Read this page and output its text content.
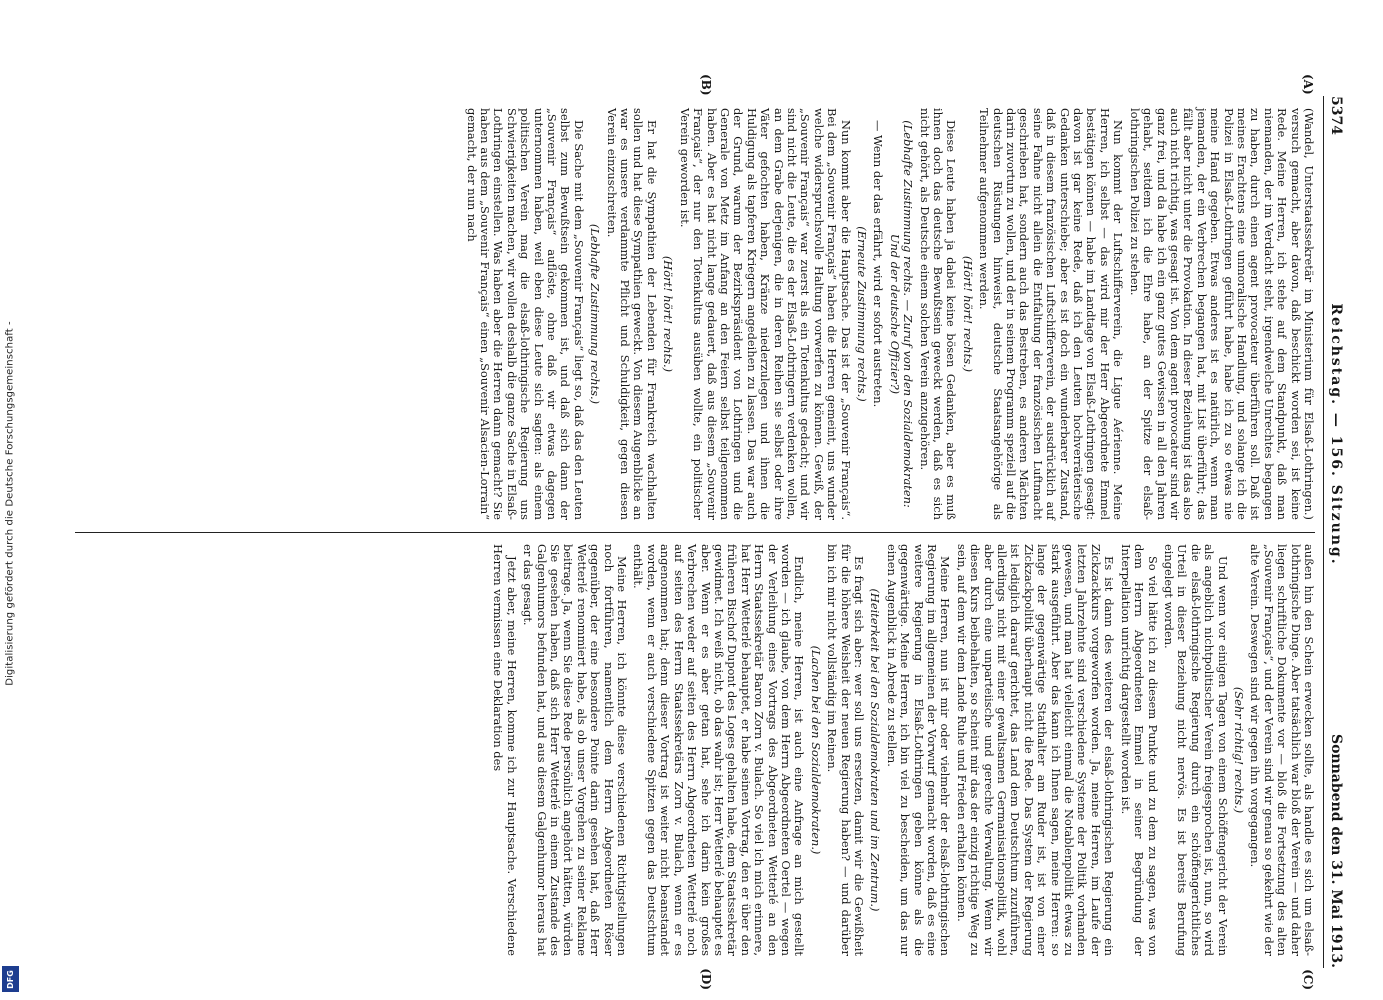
Digitalisierung gefördert durch die Deutsche Forschungsgemeinschaft -
DFG
5374
Reichstag. — 156. Sitzung.
Sonnabend den 31. Mai 1913.
(A)
(B)
(C)
(D)

(Wandel, Unterstaatssekretär im Ministerium für Elsaß-Lothringen.) versuch gemacht, aber davon, daß beschickt worden sei, ist keine Rede. Meine Herren, ich stehe auf dem Standpunkt, daß man niemanden, der im Verdacht steht, irgendwelche Unrechtes begangen zu haben, durch einen agent provocateur überführen soll. Daß ist meines Erachtens eine unmoralische Handlung, und solange ich die Polizei in Elsaß-Lothringen geführt habe, habe ich zu so etwas nie meine Hand gegeben. Etwas anderes ist es natürlich, wenn man jemanden, der ein Verbrechen begangen hat, mit List überführt; das fällt aber nicht unter die Provokation. In dieser Beziehung ist das also auch nicht richtig, was gesagt ist. Von dem agent provocateur sind wir ganz frei, und da habe ich ein ganz gutes Gewissen in all den Jahren gehabt, seitdem ich die Ehre habe, an der Spitze der elsaß-lothringischen Polizei zu stehen.

Nun kommt der Luftschifferverein, die Ligue Aérienne. Meine Herren, ich selbst — das wird mir der Herr Abgeordnete Emmel bestätigen können — habe im Landtage von Elsaß-Lothringen gesagt: davon ist gar keine Rede, daß ich den Leuten hochverräterische Gedanken unterschiebe; aber es ist doch ein wunderbarer Zustand, daß in diesem französischen Luftschifferverein, der ausdrücklich auf seine Fahne nicht allein die Entfaltung der französischen Luftmacht geschrieben hat, sondern auch das Bestreben, es anderen Mächten darin zuvortun zu wollen, und der in seinem Programm speziell auf die deutschen Rüstungen hinweist, deutsche Staatsangehörige als Teilnehmer aufgenommen werden.

(Hört! hört! rechts.)

Diese Leute haben ja dabei keine bösen Gedanken, aber es muß ihnen doch das deutsche Bewußtsein geweckt werden, daß es sich nicht gehört, als Deutsche einem solchen Verein anzugehören.

(Lebhafte Zustimmung rechts. — Zuruf von den Sozialdemokraten: Und der deutsche Offizier?)

— Wenn der das erfährt, wird er sofort austreten.

(Erneute Zustimmung rechts.)

Nun kommt aber die Hauptsache. Das ist der „Souvenir Français“. Bei dem „Souvenir Français“ haben die Herren gemeint, uns wunder welche widerspruchsvolle Haltung vorwerfen zu können. Gewiß, der „Souvenir Français“ war zuerst als ein Totenkultus gedacht; und wir sind nicht die Leute, die es der Elsaß-Lothringern verdenken wollen, an dem Grabe derjenigen, die in deren Reihen sie selbst oder ihre Väter gefochten haben, Kränze niederzulegen und ihnen die Huldigung als tapferen Kriegern angedeihen zu lassen. Das war auch der Grund, warum der Bezirkspräsident von Lothringen und die Generale von Metz im Anfang an den Feiern selbst teilgenommen haben. Aber es hat nicht lange gedauert, daß aus diesem „Souvenir Français“, der nur den Totenkultus ausüben wollte, ein politischer Verein geworden ist.

(Hört! hört! rechts.)

Er hat die Sympathien der Lebenden für Frankreich wachhalten sollen und hat diese Sympathien geweckt. Von diesem Augenblicke an war es unsere verdammte Pflicht und Schuldigkeit, gegen diesen Verein einzuschreiten.

(Lebhafte Zustimmung rechts.)

Die Sache mit dem „Souvenir Français“ liegt so, daß das den Leuten selbst zum Bewußtsein gekommen ist, und daß sich dann der „Souvenir Français“ auflöste, ohne daß wir etwas dagegen unternommen haben, weil eben diese Leute sich sagten: als einem politischen Verein mag die elsaß-lothringische Regierung uns Schwierigkeiten machen, wir wollen deshalb die ganze Sache in Elsaß-Lothringen einstellen. Was haben aber die Herren dann gemacht? Sie haben aus dem „Souvenir Français“ einen „Souvenir Alsacien-Lorrain“ gemacht, der nun nach

außen hin den Schein erwecken sollte, als handle es sich um elsaß-lothringische Dinge. Aber tatsächlich war bloß der Verein — und daher liegen schriftliche Dokumente vor — bloß die Fortsetzung des alten „Souvenir Français“, und der Verein sind wir genau so gekehrt wie der alte Verein. Deswegen sind wir gegen ihn vorgegangen.

(Sehr richtig! rechts.)

Und wenn vor einigen Tagen von einem Schöffengericht der Verein als angeblich nichtpolitischer Verein freigesprochen ist, nun, so wird die elsaß-lothringische Regierung durch ein schöffengerichtliches Urteil in dieser Beziehung nicht nervös. Es ist bereits Berufung eingelegt worden.

So viel hätte ich zu diesem Punkte und zu dem zu sagen, was von dem Herrn Abgeordneten Emmel in seiner Begründung der Interpellation unrichtig dargestellt worden ist.

Es ist dann des weiteren der elsaß-lothringischen Regierung ein Zickzackkurs vorgeworfen worden. Ja, meine Herren, im Laufe der letzten Jahrzehnte sind verschiedene Systeme der Politik vorhanden gewesen, und man hat vielleicht einmal die Notablenpolitik etwas zu stark ausgeführt. Aber das kann ich Ihnen sagen, meine Herren: so lange der gegenwärtige Statthalter am Ruder ist, ist von einer Zickzackpolitik überhaupt nicht die Rede. Das System der Regierung ist lediglich darauf gerichtet, das Land dem Deutschtum zuzuführen, allerdings nicht mit einer gewaltsamen Germanisationspolitik, wohl aber durch eine unparteiische und gerechte Verwaltung. Wenn wir diesen Kurs beibehalten, so scheint mir das der einzig richtige Weg zu sein, auf dem wir dem Lande Ruhe und Frieden erhalten können.

Meine Herren, nun ist mir oder vielmehr der elsaß-lothringischen Regierung im allgemeinen der Vorwurf gemacht worden, daß es eine weitere Regierung in Elsaß-Lothringen geben könne als die gegenwärtige. Meine Herren, ich bin viel zu bescheiden, um das nur einen Augenblick in Abrede zu stellen.

(Heiterkeit bei den Sozialdemokraten und im Zentrum.)

Es fragt sich aber: wer soll uns ersetzen, damit wir die Gewißheit für die höhere Weisheit der neuen Regierung haben? — und darüber bin ich mir nicht vollständig im Reinen.

(Lachen bei den Sozialdemokraten.)

Endlich, meine Herren, ist auch eine Anfrage an mich gestellt worden — ich glaube, von dem Herrn Abgeordneten Oertel — wegen der Verleihung eines Vortrags des Abgeordneten Wetterlé an den Herrn Staatssekretär Baron Zorn v. Bulach. So viel ich mich erinnere, hat Herr Wetterlé behauptet, er habe seinen Vortrag, den er über den früheren Bischof Dupont des Loges gehalten habe, dem Staatssekretär gewidmet. Ich weiß nicht, ob das wahr ist; Herr Wetterlé behauptet es aber. Wenn er es aber getan hat, sehe ich darin kein großes Verbrechen weder auf seiten des Herrn Abgeordneten Wetterlé noch auf seiten des Herrn Staatssekretärs Zorn v. Bulach, wenn er es angenommen hat; denn dieser Vortrag ist weiter nicht beanstandet worden, wenn er auch verschiedene Spitzen gegen das Deutschtum enthält.

Meine Herren, ich könnte diese verschiedenen Richtigstellungen noch fortführen, namentlich dem Herrn Abgeordneten Röser gegenüber, der eine besondere Pointe darin gesehen hat, daß Herr Wetterlé renommiert habe, als ob unser Vorgehen zu seiner Reklame beitrage. Ja, wenn Sie diese Rede persönlich angehört hätten, würden Sie gesehen haben, daß sich Herr Wetterlé in einem Zustande des Galgenhumors befunden hat, und aus diesem Galgenhumor heraus hat er das gesagt.

Jetzt aber, meine Herren, komme ich zur Hauptsache. Verschiedene Herren vermissen eine Deklaration des
